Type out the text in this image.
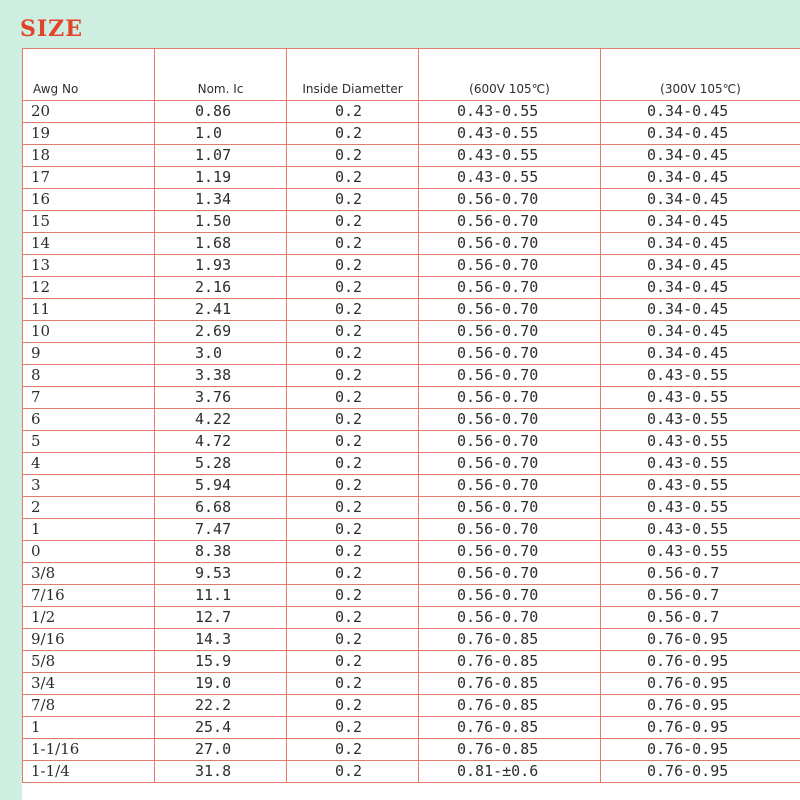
SIZE
Awg No	Nom. Ic	Inside Diametter	(600V 105℃)	(300V 105℃)
20	0.86	0.2	0.43-0.55	0.34-0.45
19	1.0	0.2	0.43-0.55	0.34-0.45
18	1.07	0.2	0.43-0.55	0.34-0.45
17	1.19	0.2	0.43-0.55	0.34-0.45
16	1.34	0.2	0.56-0.70	0.34-0.45
15	1.50	0.2	0.56-0.70	0.34-0.45
14	1.68	0.2	0.56-0.70	0.34-0.45
13	1.93	0.2	0.56-0.70	0.34-0.45
12	2.16	0.2	0.56-0.70	0.34-0.45
11	2.41	0.2	0.56-0.70	0.34-0.45
10	2.69	0.2	0.56-0.70	0.34-0.45
9	3.0	0.2	0.56-0.70	0.34-0.45
8	3.38	0.2	0.56-0.70	0.43-0.55
7	3.76	0.2	0.56-0.70	0.43-0.55
6	4.22	0.2	0.56-0.70	0.43-0.55
5	4.72	0.2	0.56-0.70	0.43-0.55
4	5.28	0.2	0.56-0.70	0.43-0.55
3	5.94	0.2	0.56-0.70	0.43-0.55
2	6.68	0.2	0.56-0.70	0.43-0.55
1	7.47	0.2	0.56-0.70	0.43-0.55
0	8.38	0.2	0.56-0.70	0.43-0.55
3/8	9.53	0.2	0.56-0.70	0.56-0.7
7/16	11.1	0.2	0.56-0.70	0.56-0.7
1/2	12.7	0.2	0.56-0.70	0.56-0.7
9/16	14.3	0.2	0.76-0.85	0.76-0.95
5/8	15.9	0.2	0.76-0.85	0.76-0.95
3/4	19.0	0.2	0.76-0.85	0.76-0.95
7/8	22.2	0.2	0.76-0.85	0.76-0.95
1	25.4	0.2	0.76-0.85	0.76-0.95
1-1/16	27.0	0.2	0.76-0.85	0.76-0.95
1-1/4	31.8	0.2	0.81-±0.6	0.76-0.95
